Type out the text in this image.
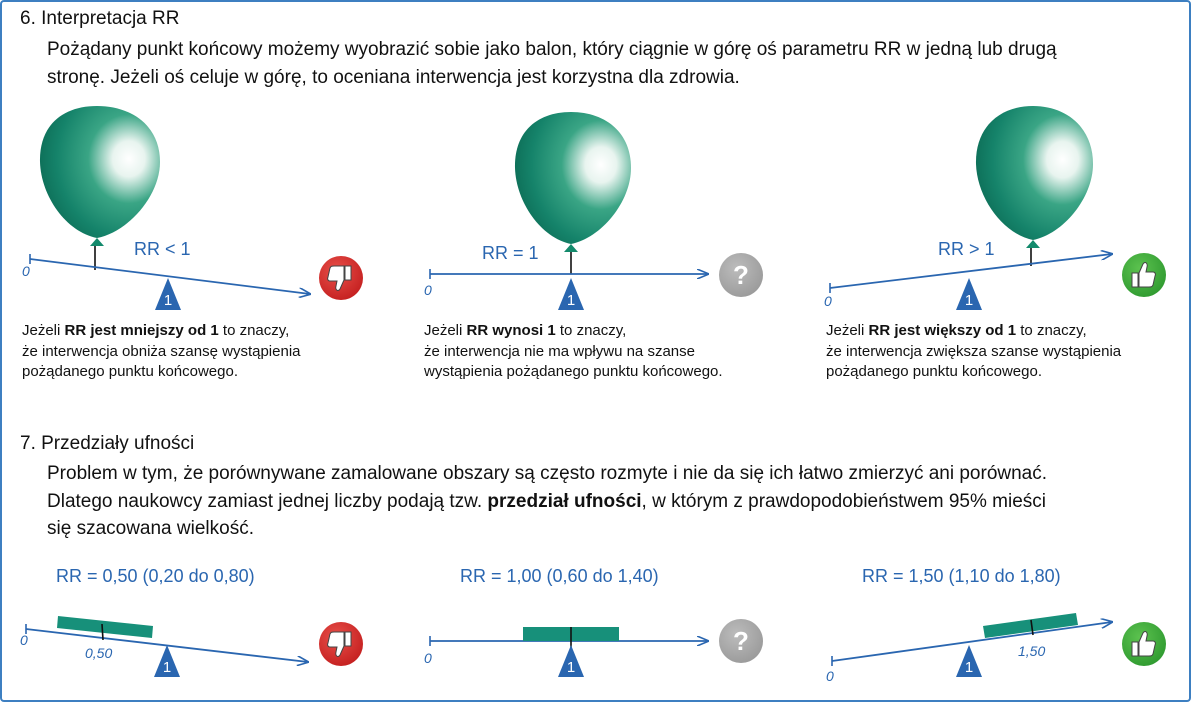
6. Interpretacja RR

Pożądany punkt końcowy możemy wyobrazić sobie jako balon, który ciągnie w górę oś parametru RR w jedną lub drugą

stronę. Jeżeli oś celuje w górę, to oceniana interwencja jest korzystna dla zdrowia.

1
0
RR < 1
1
0
RR = 1
?
1
0
RR > 1
1
0
0,50
1
0
?
1
0
1,50
Jeżeli RR jest mniejszy od 1 to znaczy,
że interwencja obniża szansę wystąpienia
pożądanego punktu końcowego.
Jeżeli RR wynosi 1 to znaczy,
że interwencja nie ma wpływu na szanse
wystąpienia pożądanego punktu końcowego.
Jeżeli RR jest większy od 1 to znaczy,
że interwencja zwiększa szanse wystąpienia
pożądanego punktu końcowego.
7. Przedziały ufności

Problem w tym, że porównywane zamalowane obszary są często rozmyte i nie da się ich łatwo zmierzyć ani porównać.

Dlatego naukowcy zamiast jednej liczby podają tzw. przedział ufności, w którym z prawdopodobieństwem 95% mieści

się szacowana wielkość.

RR = 0,50 (0,20 do 0,80)	RR = 1,00 (0,60 do 1,40)	RR = 1,50 (1,10 do 1,80)
